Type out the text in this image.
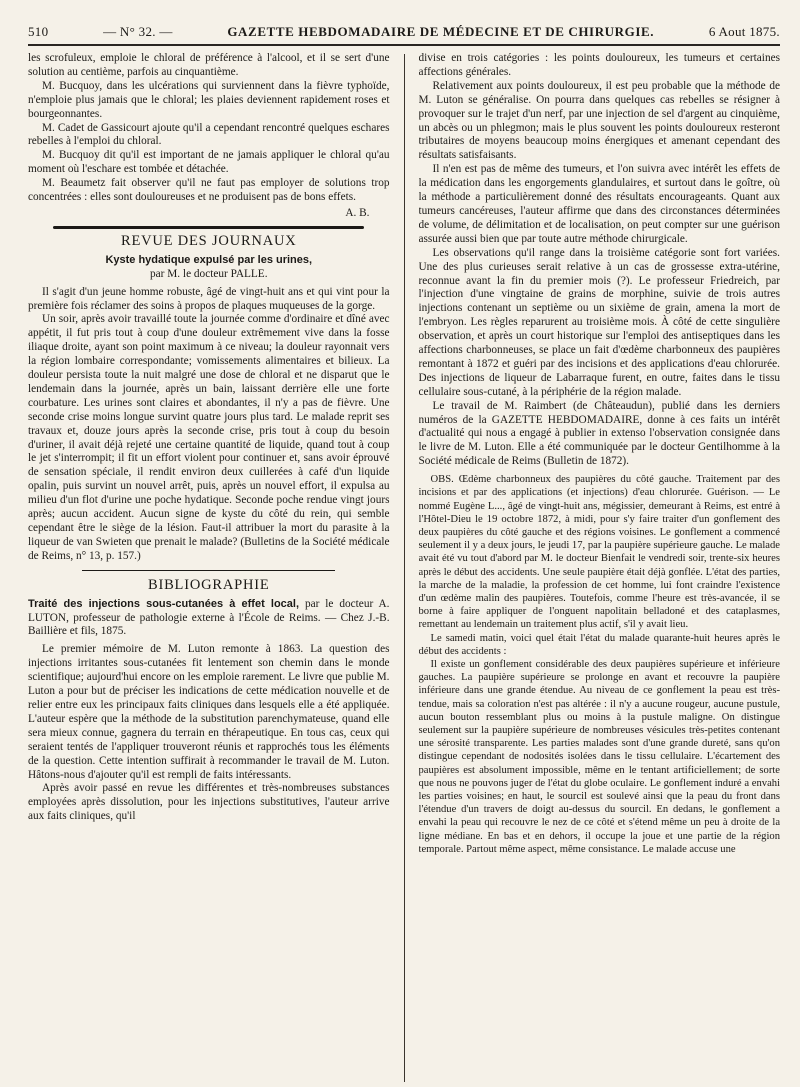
510	— N° 32. —	GAZETTE HEBDOMADAIRE DE MÉDECINE ET DE CHIRURGIE.	6 Aout 1875.

les scrofuleux, emploie le chloral de préférence à l'alcool, et il se sert d'une solution au centième, parfois au cinquantième.

M. Bucquoy, dans les ulcérations qui surviennent dans la fièvre typhoïde, n'emploie plus jamais que le chloral; les plaies deviennent rapidement roses et bourgeonnantes.

M. Cadet de Gassicourt ajoute qu'il a cependant rencontré quelques eschares rebelles à l'emploi du chloral.

M. Bucquoy dit qu'il est important de ne jamais appliquer le chloral qu'au moment où l'eschare est tombée et détachée.

M. Beaumetz fait observer qu'il ne faut pas employer de solutions trop concentrées : elles sont douloureuses et ne produisent pas de bons effets.

A. B.
REVUE DES JOURNAUX
Kyste hydatique expulsé par les urines,
par M. le docteur PALLE.

Il s'agit d'un jeune homme robuste, âgé de vingt-huit ans et qui vint pour la première fois réclamer des soins à propos de plaques muqueuses de la gorge.

Un soir, après avoir travaillé toute la journée comme d'ordinaire et dîné avec appétit, il fut pris tout à coup d'une douleur extrêmement vive dans la fosse iliaque droite, ayant son point maximum à ce niveau; la douleur rayonnait vers la région lombaire correspondante; vomissements alimentaires et bilieux. La douleur persista toute la nuit malgré une dose de chloral et ne disparut que le lendemain dans la journée, après un bain, laissant derrière elle une forte courbature. Les urines sont claires et abondantes, il n'y a pas de fièvre. Une seconde crise moins longue survint quatre jours plus tard. Le malade reprit ses travaux et, douze jours après la seconde crise, pris tout à coup du besoin d'uriner, il avait déjà rejeté une certaine quantité de liquide, quand tout à coup le jet s'interrompit; il fit un effort violent pour continuer et, sans avoir éprouvé de sensation spéciale, il rendit environ deux cuillerées à café d'un liquide opalin, puis survint un nouvel arrêt, puis, après un nouvel effort, il expulsa au milieu d'un flot d'urine une poche hydatique. Seconde poche rendue vingt jours après; aucun accident. Aucun signe de kyste du côté du rein, qui semble cependant être le siège de la lésion. Faut-il attribuer la mort du parasite à la liqueur de van Swieten que prenait le malade? (Bulletins de la Société médicale de Reims, n° 13, p. 157.)

BIBLIOGRAPHIE

Traité des injections sous-cutanées à effet local, par le docteur A. LUTON, professeur de pathologie externe à l'École de Reims. — Chez J.-B. Baillière et fils, 1875.

Le premier mémoire de M. Luton remonte à 1863. La question des injections irritantes sous-cutanées fit lentement son chemin dans le monde scientifique; aujourd'hui encore on les emploie rarement. Le livre que publie M. Luton a pour but de préciser les indications de cette médication nouvelle et de relier entre eux les principaux faits cliniques dans lesquels elle a été appliquée. L'auteur espère que la méthode de la substitution parenchymateuse, quand elle sera mieux connue, gagnera du terrain en thérapeutique. En tous cas, ceux qui seraient tentés de l'appliquer trouveront réunis et rapprochés tous les éléments de la question. Cette intention suffirait à recommander le travail de M. Luton. Hâtons-nous d'ajouter qu'il est rempli de faits intéressants.

Après avoir passé en revue les différentes et très-nombreuses substances employées après dissolution, pour les injections substitutives, l'auteur arrive aux faits cliniques, qu'il

divise en trois catégories : les points douloureux, les tumeurs et certaines affections générales.

Relativement aux points douloureux, il est peu probable que la méthode de M. Luton se généralise. On pourra dans quelques cas rebelles se résigner à provoquer sur le trajet d'un nerf, par une injection de sel d'argent au cinquième, un abcès ou un phlegmon; mais le plus souvent les points douloureux resteront tributaires de moyens beaucoup moins énergiques et amenant cependant des résultats satisfaisants.

Il n'en est pas de même des tumeurs, et l'on suivra avec intérêt les effets de la médication dans les engorgements glandulaires, et surtout dans le goître, où la méthode a particulièrement donné des résultats encourageants. Quant aux tumeurs cancéreuses, l'auteur affirme que dans des circonstances déterminées de volume, de délimitation et de localisation, on peut compter sur une guérison assurée aussi bien que par toute autre méthode chirurgicale.

Les observations qu'il range dans la troisième catégorie sont fort variées. Une des plus curieuses serait relative à un cas de grossesse extra-utérine, reconnue avant la fin du premier mois (?). Le professeur Friedreich, par l'injection d'une vingtaine de grains de morphine, suivie de trois autres injections contenant un septième ou un sixième de grain, amena la mort de l'embryon. Les règles reparurent au troisième mois. À côté de cette singulière observation, et après un court historique sur l'emploi des antiseptiques dans les affections charbonneuses, se place un fait d'œdème charbonneux des paupières remontant à 1872 et guéri par des incisions et des applications d'eau chlorurée. Des injections de liqueur de Labarraque furent, en outre, faites dans le tissu cellulaire sous-cutané, à la périphérie de la région malade.

Le travail de M. Raimbert (de Châteaudun), publié dans les derniers numéros de la GAZETTE HEBDOMADAIRE, donne à ces faits un intérêt d'actualité qui nous a engagé à publier in extenso l'observation consignée dans le livre de M. Luton. Elle a été communiquée par le docteur Gentilhomme à la Société médicale de Reims (Bulletin de 1872).

OBS. Œdème charbonneux des paupières du côté gauche. Traitement par des incisions et par des applications (et injections) d'eau chlorurée. Guérison. — Le nommé Eugène L..., âgé de vingt-huit ans, mégissier, demeurant à Reims, est entré à l'Hôtel-Dieu le 19 octobre 1872, à midi, pour s'y faire traiter d'un gonflement des deux paupières du côté gauche et des régions voisines. Le gonflement a commencé seulement il y a deux jours, le jeudi 17, par la paupière supérieure gauche. Le malade avait été vu tout d'abord par M. le docteur Bienfait le vendredi soir, trente-six heures après le début des accidents. Une seule paupière était déjà gonflée. L'état des parties, la marche de la maladie, la profession de cet homme, lui font craindre l'existence d'un œdème malin des paupières. Toutefois, comme l'heure est très-avancée, il se borne à faire appliquer de l'onguent napolitain belladoné et des cataplasmes, remettant au lendemain un traitement plus actif, s'il y avait lieu.

Le samedi matin, voici quel était l'état du malade quarante-huit heures après le début des accidents :

Il existe un gonflement considérable des deux paupières supérieure et inférieure gauches. La paupière supérieure se prolonge en avant et recouvre la paupière inférieure dans une grande étendue. Au niveau de ce gonflement la peau est très-tendue, mais sa coloration n'est pas altérée : il n'y a aucune rougeur, aucune pustule, aucun bouton ressemblant plus ou moins à la pustule maligne. On distingue seulement sur la paupière supérieure de nombreuses vésicules très-petites contenant une sérosité transparente. Les parties malades sont d'une grande dureté, sans qu'on distingue cependant de nodosités isolées dans le tissu cellulaire. L'écartement des paupières est absolument impossible, même en le tentant artificiellement; de sorte que nous ne pouvons juger de l'état du globe oculaire. Le gonflement induré a envahi les parties voisines; en haut, le sourcil est soulevé ainsi que la peau du front dans l'étendue d'un travers de doigt au-dessus du sourcil. En dedans, le gonflement a envahi la peau qui recouvre le nez de ce côté et s'étend même un peu à droite de la ligne médiane. En bas et en dehors, il occupe la joue et une partie de la région temporale. Partout même aspect, même consistance. Le malade accuse une
